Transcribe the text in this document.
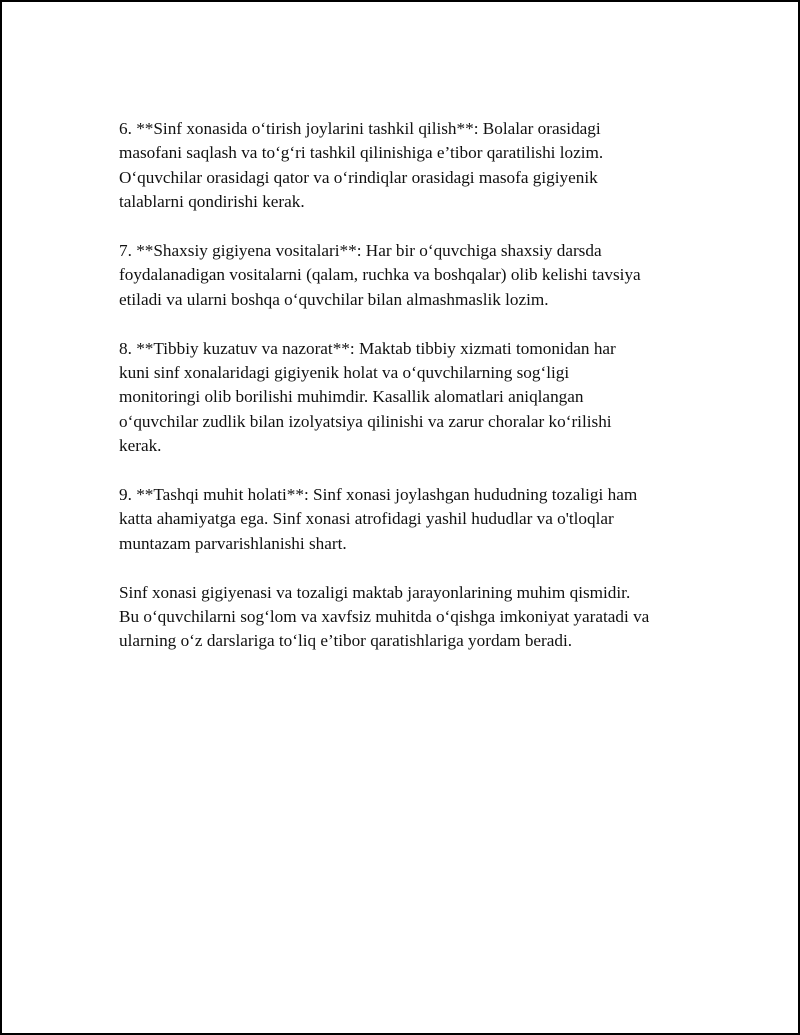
6. **Sinf xonasida o‘tirish joylarini tashkil qilish**: Bolalar orasidagi
masofani saqlash va to‘g‘ri tashkil qilinishiga e’tibor qaratilishi lozim.
O‘quvchilar orasidagi qator va o‘rindiqlar orasidagi masofa gigiyenik
talablarni qondirishi kerak.

7. **Shaxsiy gigiyena vositalari**: Har bir o‘quvchiga shaxsiy darsda
foydalanadigan vositalarni (qalam, ruchka va boshqalar) olib kelishi tavsiya
etiladi va ularni boshqa o‘quvchilar bilan almashmaslik lozim.

8. **Tibbiy kuzatuv va nazorat**: Maktab tibbiy xizmati tomonidan har
kuni sinf xonalaridagi gigiyenik holat va o‘quvchilarning sog‘ligi
monitoringi olib borilishi muhimdir. Kasallik alomatlari aniqlangan
o‘quvchilar zudlik bilan izolyatsiya qilinishi va zarur choralar ko‘rilishi
kerak.

9. **Tashqi muhit holati**: Sinf xonasi joylashgan hududning tozaligi ham
katta ahamiyatga ega. Sinf xonasi atrofidagi yashil hududlar va o'tloqlar
muntazam parvarishlanishi shart.

Sinf xonasi gigiyenasi va tozaligi maktab jarayonlarining muhim qismidir.
Bu o‘quvchilarni sog‘lom va xavfsiz muhitda o‘qishga imkoniyat yaratadi va
ularning o‘z darslariga to‘liq e’tibor qaratishlariga yordam beradi.
